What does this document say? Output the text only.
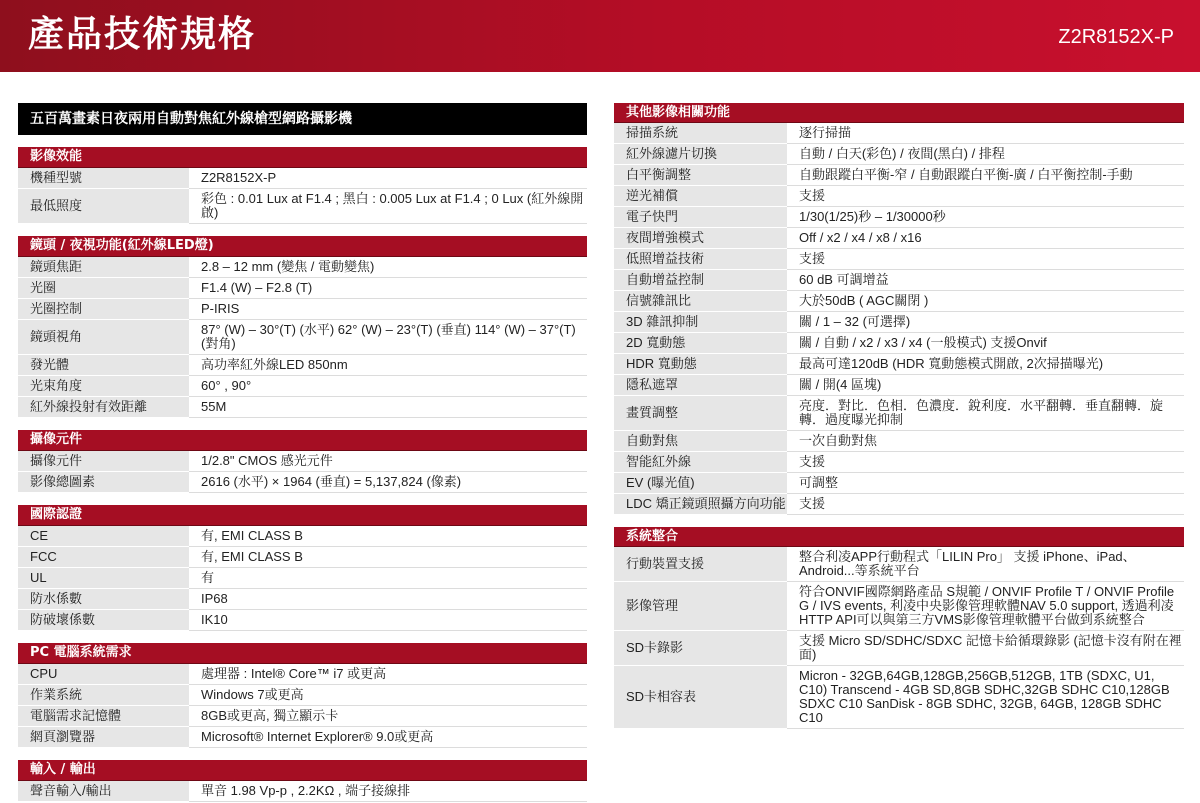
產品技術規格	Z2R8152X-P
五百萬畫素日夜兩用自動對焦紅外線槍型網路攝影機
影像效能
機種型號	Z2R8152X-P
最低照度	彩色 : 0.01 Lux at F1.4 ; 黑白 : 0.005 Lux at F1.4 ; 0 Lux (紅外線開啟)
鏡頭 / 夜視功能(紅外線LED燈)
鏡頭焦距	2.8 – 12 mm (變焦 / 電動變焦)
光圈	F1.4 (W) – F2.8 (T)
光圈控制	P-IRIS
鏡頭視角	87° (W) – 30°(T) (水平) 62° (W) – 23°(T) (垂直) 114° (W) – 37°(T) (對角)
發光體	高功率紅外線LED 850nm
光束角度	60° , 90°
紅外線投射有效距離	55M
攝像元件
攝像元件	1/2.8" CMOS 感光元件
影像總圖素	2616 (水平) × 1964 (垂直) = 5,137,824 (像素)
國際認證
CE	有, EMI CLASS B
FCC	有, EMI CLASS B
UL	有
防水係數	IP68
防破壞係數	IK10
PC 電腦系統需求
CPU	處理器 : Intel® Core™ i7 或更高
作業系統	Windows 7或更高
電腦需求記憶體	8GB或更高, 獨立顯示卡
網頁瀏覽器	Microsoft® Internet Explorer® 9.0或更高
輸入 / 輸出
聲音輸入/輸出	單音 1.98 Vp-p , 2.2KΩ , 端子接線排
其他影像相關功能
掃描系統	逐行掃描
紅外線濾片切換	自動 / 白天(彩色) / 夜間(黑白) / 排程
白平衡調整	自動跟蹤白平衡-窄 / 自動跟蹤白平衡-廣 / 白平衡控制-手動
逆光補償	支援
電子快門	1/30(1/25)秒 – 1/30000秒
夜間增強模式	Off / x2 / x4 / x8 / x16
低照增益技術	支援
自動增益控制	60 dB 可調增益
信號雜訊比	大於50dB ( AGC關閉 )
3D 雜訊抑制	關 / 1 – 32 (可選擇)
2D 寬動態	關 / 自動 / x2 / x3 / x4 (一般模式) 支援Onvif
HDR 寬動態	最高可達120dB (HDR 寬動態模式開啟, 2次掃描曝光)
隱私遮罩	關 / 開(4 區塊)
畫質調整	亮度．對比．色相．色濃度．銳利度．水平翻轉．垂直翻轉．旋轉．過度曝光抑制
自動對焦	一次自動對焦
智能紅外線	支援
EV (曝光值)	可調整
LDC 矯正鏡頭照攝方向功能	支援
系統整合
行動裝置支援	整合利凌APP行動程式「LILIN Pro」 支援 iPhone、iPad、Android...等系統平台
影像管理	符合ONVIF國際網路產品 S規範 / ONVIF Profile T / ONVIF Profile G / IVS events, 利凌中央影像管理軟體NAV 5.0 support, 透過利凌HTTP API可以與第三方VMS影像管理軟體平台做到系統整合
SD卡錄影	支援 Micro SD/SDHC/SDXC 記憶卡給循環錄影 (記憶卡沒有附在裡面)
SD卡相容表	Micron - 32GB,64GB,128GB,256GB,512GB, 1TB (SDXC, U1, C10) Transcend - 4GB SD,8GB SDHC,32GB SDHC C10,128GB SDXC C10 SanDisk - 8GB SDHC, 32GB, 64GB, 128GB SDHC C10
